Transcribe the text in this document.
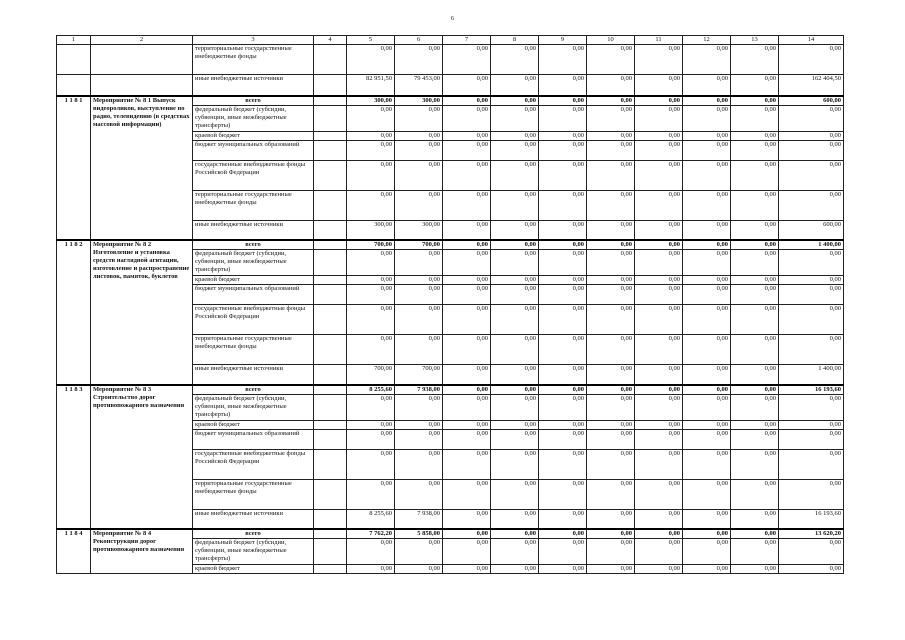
6
1	2	3	4	5	6	7	8	9	10	11	12	13	14
		территориальные государственные внебюджетные фонды		0,00	0,00	0,00	0,00	0,00	0,00	0,00	0,00	0,00	0,00
		иные внебюджетные источники		82 951,50	79 453,00	0,00	0,00	0,00	0,00	0,00	0,00	0,00	162 404,50
1 1 8 1	Мероприятие № 8 1 Выпуск видеороликов, выступление по радио, телевидению (в средствах массовой информации)	всего		300,00	300,00	0,00	0,00	0,00	0,00	0,00	0,00	0,00	600,00
		федеральный бюджет (субсидии, субвенции, иные межбюджетные трансферты)		0,00	0,00	0,00	0,00	0,00	0,00	0,00	0,00	0,00	0,00
		краевой бюджет		0,00	0,00	0,00	0,00	0,00	0,00	0,00	0,00	0,00	0,00
		бюджет муниципальных образований		0,00	0,00	0,00	0,00	0,00	0,00	0,00	0,00	0,00	0,00
		государственные внебюджетные фонды Российской Федерации		0,00	0,00	0,00	0,00	0,00	0,00	0,00	0,00	0,00	0,00
		территориальные государственные внебюджетные фонды		0,00	0,00	0,00	0,00	0,00	0,00	0,00	0,00	0,00	0,00
		иные внебюджетные источники		300,00	300,00	0,00	0,00	0,00	0,00	0,00	0,00	0,00	600,00
1 1 8 2	Мероприятие № 8 2 Изготовление и установка средств наглядной агитации, изготовление и распространение листовок, памяток, буклетов	всего		700,00	700,00	0,00	0,00	0,00	0,00	0,00	0,00	0,00	1 400,00
		федеральный бюджет (субсидии, субвенции, иные межбюджетные трансферты)		0,00	0,00	0,00	0,00	0,00	0,00	0,00	0,00	0,00	0,00
		краевой бюджет		0,00	0,00	0,00	0,00	0,00	0,00	0,00	0,00	0,00	0,00
		бюджет муниципальных образований		0,00	0,00	0,00	0,00	0,00	0,00	0,00	0,00	0,00	0,00
		государственные внебюджетные фонды Российской Федерации		0,00	0,00	0,00	0,00	0,00	0,00	0,00	0,00	0,00	0,00
		территориальные государственные внебюджетные фонды		0,00	0,00	0,00	0,00	0,00	0,00	0,00	0,00	0,00	0,00
		иные внебюджетные источники		700,00	700,00	0,00	0,00	0,00	0,00	0,00	0,00	0,00	1 400,00
1 1 8 3	Мероприятие № 8 3 Строительство дорог противопожарного назначения	всего		8 255,60	7 938,00	0,00	0,00	0,00	0,00	0,00	0,00	0,00	16 193,60
		федеральный бюджет (субсидии, субвенции, иные межбюджетные трансферты)		0,00	0,00	0,00	0,00	0,00	0,00	0,00	0,00	0,00	0,00
		краевой бюджет		0,00	0,00	0,00	0,00	0,00	0,00	0,00	0,00	0,00	0,00
		бюджет муниципальных образований		0,00	0,00	0,00	0,00	0,00	0,00	0,00	0,00	0,00	0,00
		государственные внебюджетные фонды Российской Федерации		0,00	0,00	0,00	0,00	0,00	0,00	0,00	0,00	0,00	0,00
		территориальные государственные внебюджетные фонды		0,00	0,00	0,00	0,00	0,00	0,00	0,00	0,00	0,00	0,00
		иные внебюджетные источники		8 255,60	7 938,00	0,00	0,00	0,00	0,00	0,00	0,00	0,00	16 193,60
1 1 8 4	Мероприятие № 8 4 Реконструкция дорог противопожарного назначения	всего		7 762,20	5 858,00	0,00	0,00	0,00	0,00	0,00	0,00	0,00	13 620,20
		федеральный бюджет (субсидии, субвенции, иные межбюджетные трансферты)		0,00	0,00	0,00	0,00	0,00	0,00	0,00	0,00	0,00	0,00
		краевой бюджет		0,00	0,00	0,00	0,00	0,00	0,00	0,00	0,00	0,00	0,00
